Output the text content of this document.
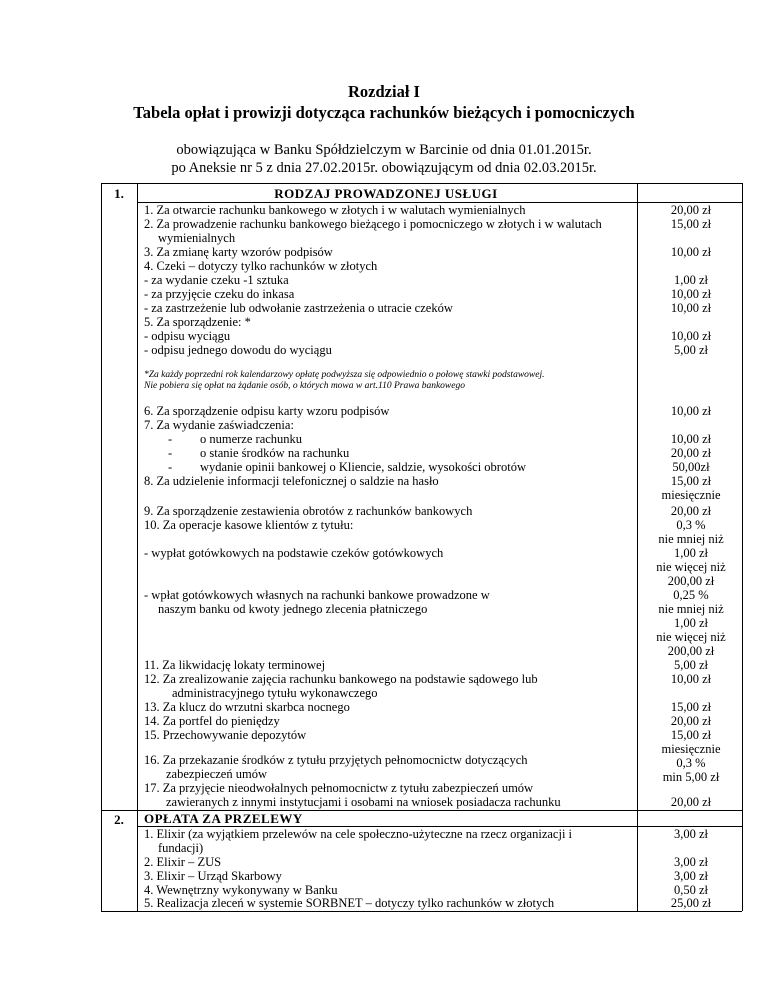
Rozdział I
Tabela opłat i prowizji dotycząca rachunków bieżących i pomocniczych
obowiązująca w Banku Spółdzielczym w Barcinie od dnia 01.01.2015r.
po Aneksie nr 5 z dnia 27.02.2015r. obowiązującym od dnia 02.03.2015r.
1.	RODZAJ PROWADZONEJ USŁUGI
1. Za otwarcie rachunku bankowego w złotych i w walutach wymienialnych
2. Za prowadzenie rachunku bankowego bieżącego i pomocniczego w złotych i w walutach
wymienialnych
3. Za zmianę karty wzorów podpisów
4. Czeki – dotyczy tylko rachunków w złotych
- za wydanie czeku -1 sztuka
- za przyjęcie czeku do inkasa
- za zastrzeżenie lub odwołanie zastrzeżenia o utracie czeków
5. Za sporządzenie: *
- odpisu wyciągu
- odpisu jednego dowodu do wyciągu
*Za każdy poprzedni rok kalendarzowy opłatę podwyższa się odpowiednio o połowę stawki podstawowej.
Nie pobiera się opłat na żądanie osób, o których mowa w art.110 Prawa bankowego
6. Za sporządzenie odpisu karty wzoru podpisów
7. Za wydanie zaświadczenia:
- o numerze rachunku
- o stanie środków na rachunku
- wydanie opinii bankowej o Kliencie, saldzie, wysokości obrotów
8. Za udzielenie informacji telefonicznej o saldzie na hasło
9. Za sporządzenie zestawienia obrotów z rachunków bankowych
10. Za operacje kasowe klientów z tytułu:
- wypłat gotówkowych na podstawie czeków gotówkowych
- wpłat gotówkowych własnych na rachunki bankowe prowadzone w
naszym banku od kwoty jednego zlecenia płatniczego
11. Za likwidację lokaty terminowej
12. Za zrealizowanie zajęcia rachunku bankowego na podstawie sądowego lub
administracyjnego tytułu wykonawczego
13. Za klucz do wrzutni skarbca nocnego
14. Za portfel do pieniędzy
15. Przechowywanie depozytów
16. Za przekazanie środków z tytułu przyjętych pełnomocnictw dotyczących
zabezpieczeń umów
17. Za przyjęcie nieodwołalnych pełnomocnictw z tytułu zabezpieczeń umów
zawieranych z innymi instytucjami i osobami na wniosek posiadacza rachunku
20,00 zł
15,00 zł
10,00 zł
1,00 zł
10,00 zł
10,00 zł
10,00 zł
5,00 zł
10,00 zł
10,00 zł
20,00 zł
50,00zł
15,00 zł
miesięcznie
20,00 zł
0,3 %
nie mniej niż
1,00 zł
nie więcej niż
200,00 zł
0,25 %
nie mniej niż
1,00 zł
nie więcej niż
200,00 zł
5,00 zł
10,00 zł
15,00 zł
20,00 zł
15,00 zł
miesięcznie
0,3 %
min 5,00 zł
20,00 zł
2.	OPŁATA ZA PRZELEWY
1. Elixir (za wyjątkiem przelewów na cele społeczno-użyteczne na rzecz organizacji i
fundacji)
2. Elixir – ZUS
3. Elixir – Urząd Skarbowy
4. Wewnętrzny wykonywany w Banku
5. Realizacja zleceń w systemie SORBNET – dotyczy tylko rachunków w złotych
3,00 zł
3,00 zł
3,00 zł
0,50 zł
25,00 zł
